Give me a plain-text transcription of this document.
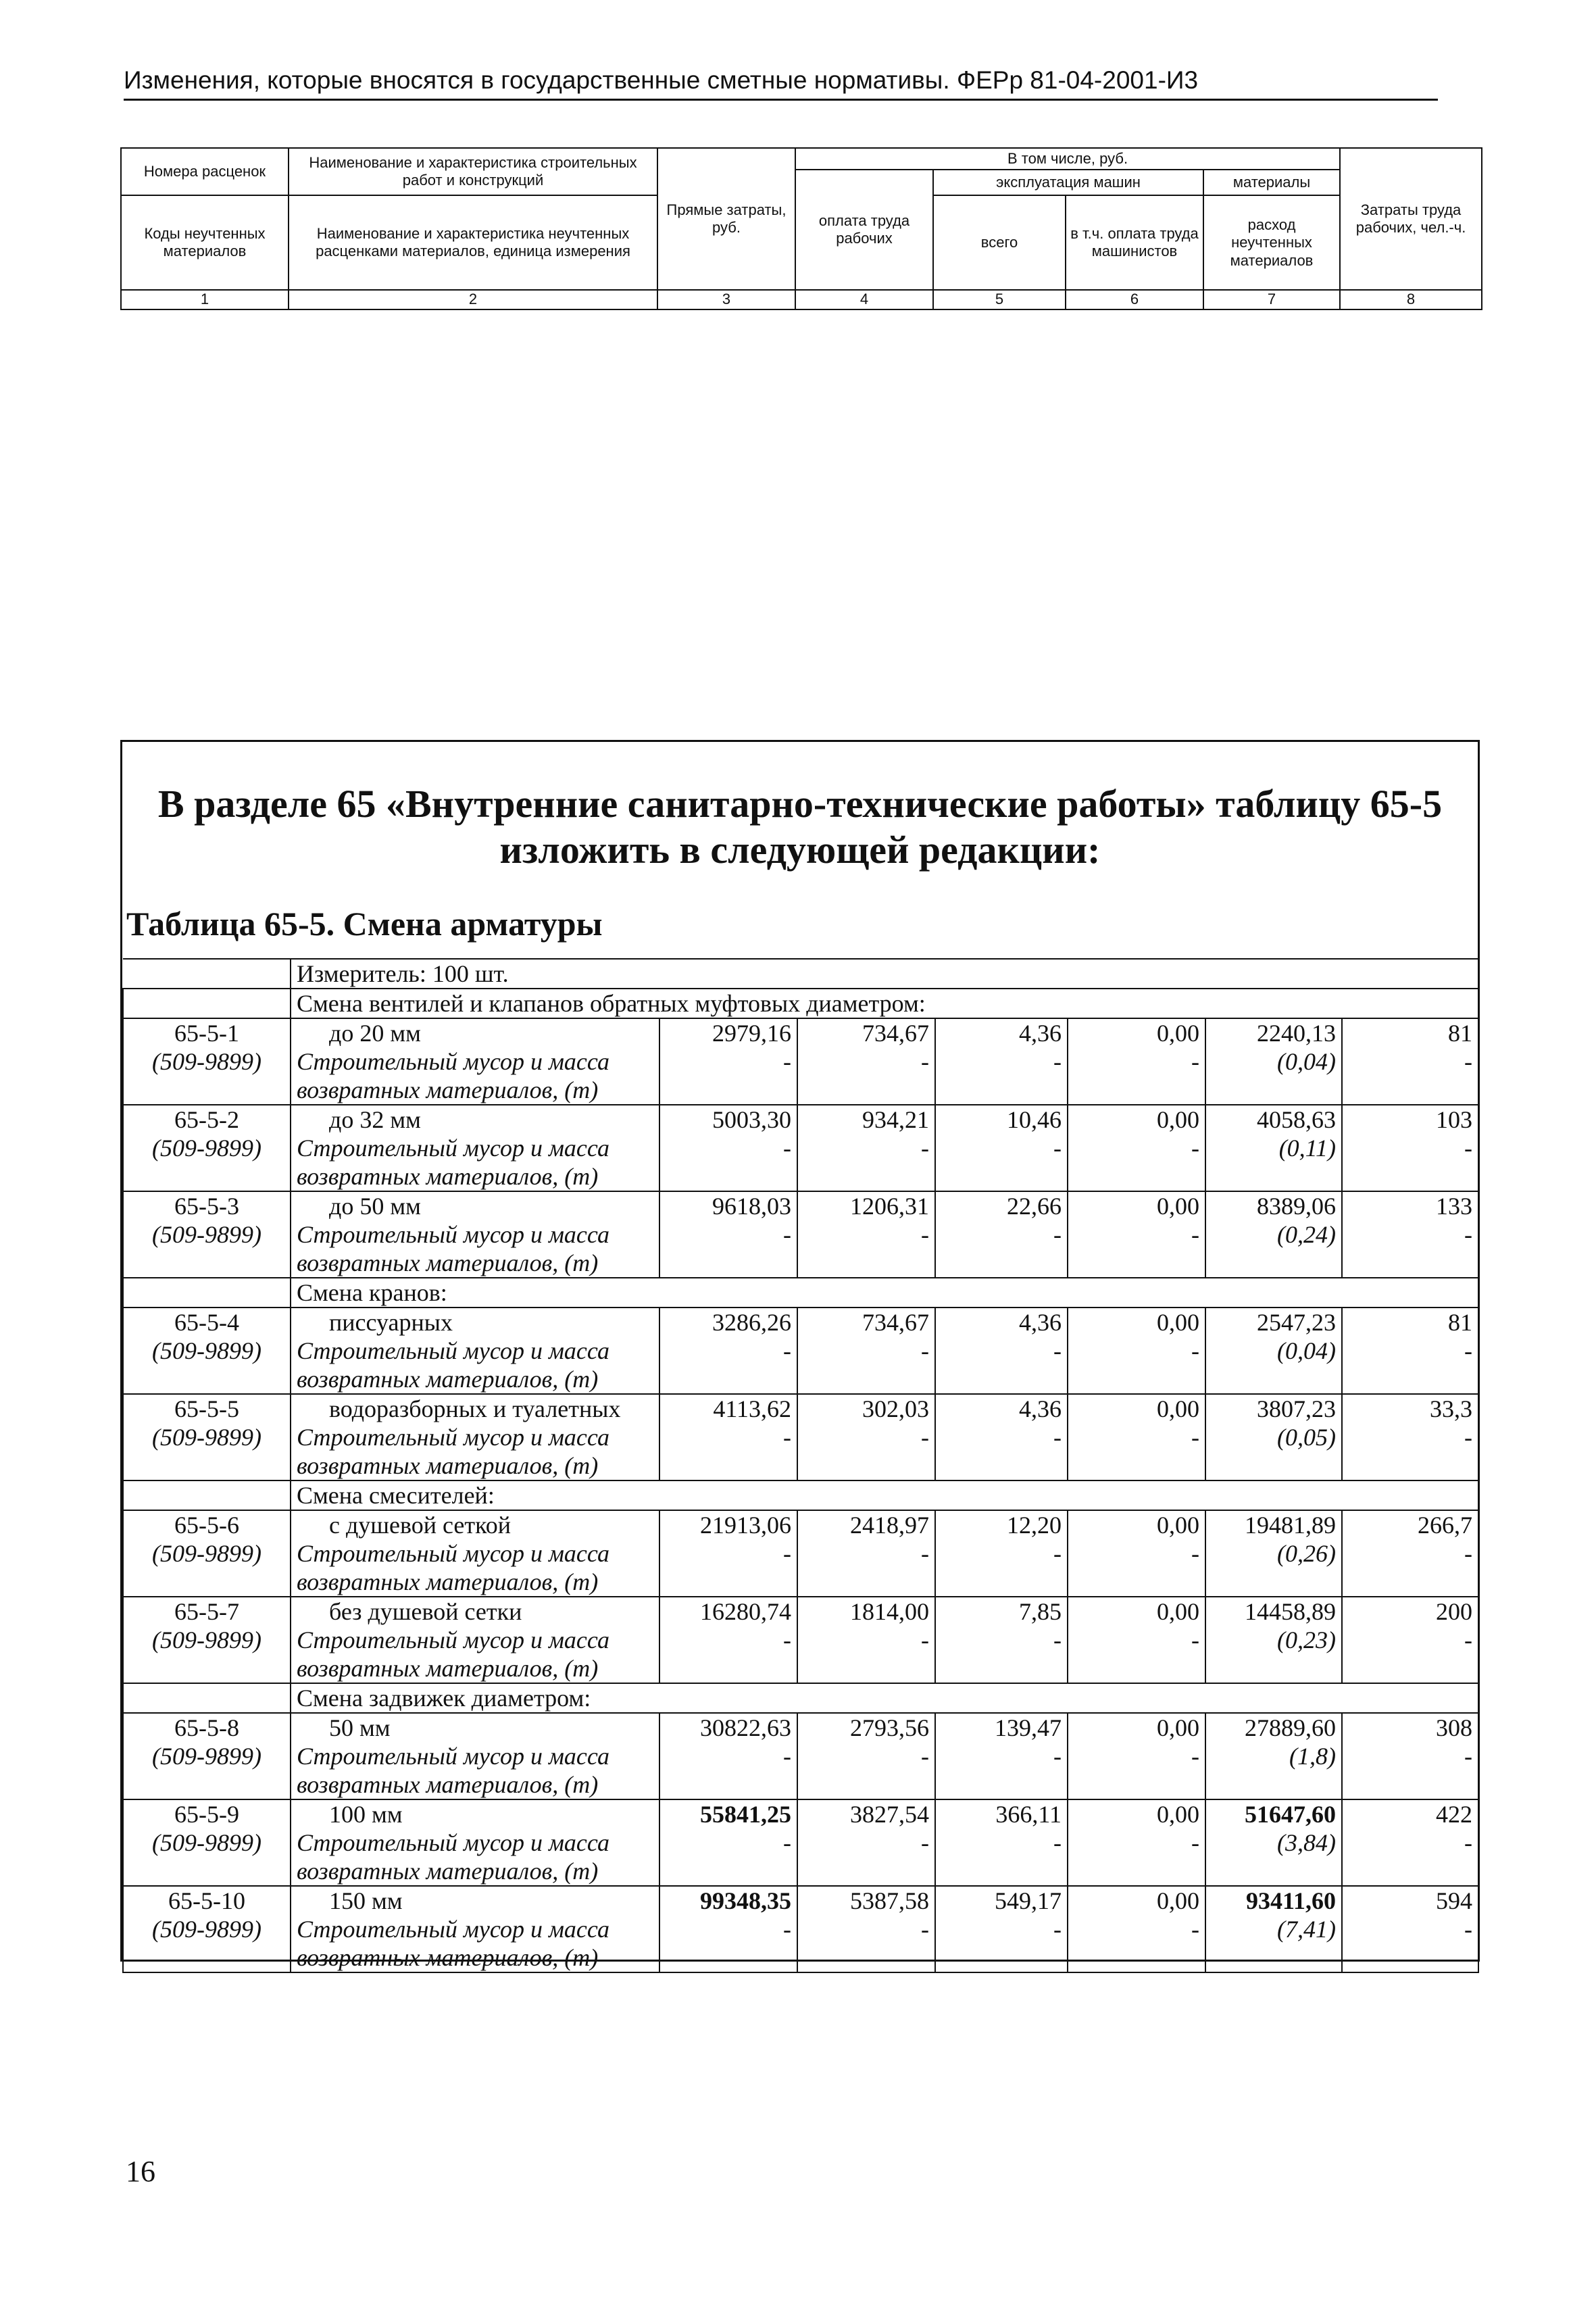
Изменения, которые вносятся в государственные сметные нормативы. ФЕРр 81-04-2001-И3
Номера расценок	Наименование и характеристика строительных работ и конструкций	Прямые затраты, руб.	В том числе, руб.				Затраты труда рабочих, чел.-ч.
			оплата труда рабочих	эксплуатация машин		материалы	
Коды неучтенных материалов	Наименование и характеристика неучтенных расценками материалов, единица измерения			всего	в т.ч. оплата труда машинистов	расход неучтенных материалов	

1	2	3	4	5	6	7	8
В разделе 65 «Внутренние санитарно-технические работы» таблицу 65-5 изложить в следующей редакции:
Таблица 65-5. Смена арматуры
	Измеритель: 100 шт.						
	Смена вентилей и клапанов обратных муфтовых диаметром:						
65-5-1	до 20 мм	2979,16	734,67	4,36	0,00	2240,13	81
(509-9899)	Строительный мусор и масса	-	-	-	-	(0,04)	-
	возвратных материалов, (т)						
65-5-2	до 32 мм	5003,30	934,21	10,46	0,00	4058,63	103
(509-9899)	Строительный мусор и масса	-	-	-	-	(0,11)	-
	возвратных материалов, (т)						
65-5-3	до 50 мм	9618,03	1206,31	22,66	0,00	8389,06	133
(509-9899)	Строительный мусор и масса	-	-	-	-	(0,24)	-
	возвратных материалов, (т)						
	Смена кранов:						
65-5-4	писсуарных	3286,26	734,67	4,36	0,00	2547,23	81
(509-9899)	Строительный мусор и масса	-	-	-	-	(0,04)	-
	возвратных материалов, (т)						
65-5-5	водоразборных и туалетных	4113,62	302,03	4,36	0,00	3807,23	33,3
(509-9899)	Строительный мусор и масса	-	-	-	-	(0,05)	-
	возвратных материалов, (т)						
	Смена смесителей:						
65-5-6	с душевой сеткой	21913,06	2418,97	12,20	0,00	19481,89	266,7
(509-9899)	Строительный мусор и масса	-	-	-	-	(0,26)	-
	возвратных материалов, (т)						
65-5-7	без душевой сетки	16280,74	1814,00	7,85	0,00	14458,89	200
(509-9899)	Строительный мусор и масса	-	-	-	-	(0,23)	-
	возвратных материалов, (т)						
	Смена задвижек диаметром:						
65-5-8	50 мм	30822,63	2793,56	139,47	0,00	27889,60	308
(509-9899)	Строительный мусор и масса	-	-	-	-	(1,8)	-
	возвратных материалов, (т)						
65-5-9	100 мм	55841,25	3827,54	366,11	0,00	51647,60	422
(509-9899)	Строительный мусор и масса	-	-	-	-	(3,84)	-
	возвратных материалов, (т)						
65-5-10	150 мм	99348,35	5387,58	549,17	0,00	93411,60	594
(509-9899)	Строительный мусор и масса	-	-	-	-	(7,41)	-
	возвратных материалов, (т)						
16
